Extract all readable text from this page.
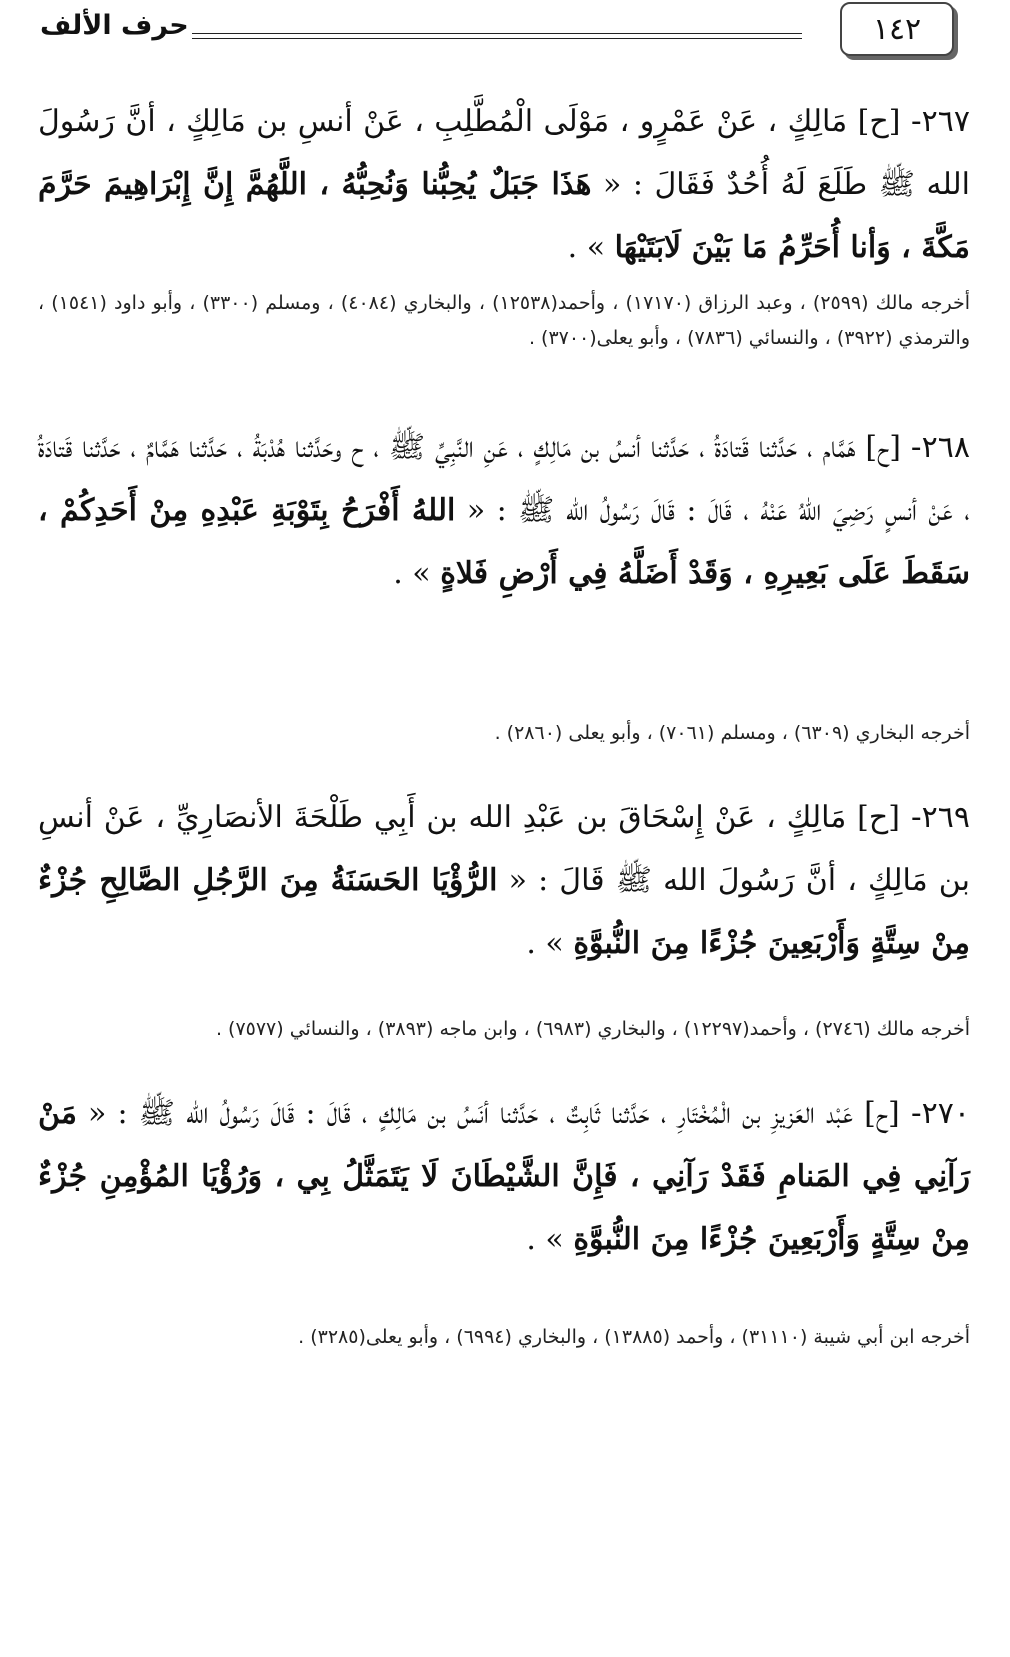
١٤٢
حرف الألف

٢٦٧- [ح] مَالِكٍ ، عَنْ عَمْرٍو ، مَوْلَى الْمُطَّلِبِ ، عَنْ أنسِ بن مَالِكٍ ، أنَّ رَسُولَ الله ﷺ طَلَعَ لَهُ أُحُدٌ فَقَالَ : « هَذَا جَبَلٌ يُحِبُّنا وَنُحِبُّهُ ، اللَّهُمَّ إِنَّ إِبْرَاهِيمَ حَرَّمَ مَكَّةَ ، وَأنا أُحَرِّمُ مَا بَيْنَ لَابَتَيْهَا » .

أخرجه مالك (٢٥٩٩) ، وعبد الرزاق (١٧١٧٠) ، وأحمد(١٢٥٣٨) ، والبخاري (٤٠٨٤) ، ومسلم (٣٣٠٠) ، وأبو داود (١٥٤١) ، والترمذي (٣٩٢٢) ، والنسائي (٧٨٣٦) ، وأبو يعلى(٣٧٠٠) .

٢٦٨- [ح] هَمَّام ، حَدَّثنا قَتادَةُ ، حَدَّثنا أنسُ بن مَالِكٍ ، عَنِ النَّبِيِّ ﷺ ، ح وحَدَّثنا هُدْبَةُ ، حَدَّثنا هَمَّامٌ ، حَدَّثنا قَتادَةُ ، عَنْ أنسٍ رَضِيَ اللهُ عَنْهُ ، قَالَ : قَالَ رَسُولُ الله ﷺ : « اللهُ أَفْرَحُ بِتَوْبَةِ عَبْدِهِ مِنْ أَحَدِكُمْ ، سَقَطَ عَلَى بَعِيرِهِ ، وَقَدْ أَضَلَّهُ فِي أَرْضِ فَلاةٍ » .

أخرجه البخاري (٦٣٠٩) ، ومسلم (٧٠٦١) ، وأبو يعلى (٢٨٦٠) .

٢٦٩- [ح] مَالِكٍ ، عَنْ إِسْحَاقَ بن عَبْدِ الله بن أَبِي طَلْحَةَ الأنصَارِيِّ ، عَنْ أنسِ بن مَالِكٍ ، أنَّ رَسُولَ الله ﷺ قَالَ : « الرُّؤْيَا الحَسَنَةُ مِنَ الرَّجُلِ الصَّالِحِ جُزْءٌ مِنْ سِتَّةٍ وَأَرْبَعِينَ جُزْءًا مِنَ النُّبوَّةِ » .

أخرجه مالك (٢٧٤٦) ، وأحمد(١٢٢٩٧) ، والبخاري (٦٩٨٣) ، وابن ماجه (٣٨٩٣) ، والنسائي (٧٥٧٧) .

٢٧٠- [ح] عَبْد العَزيزِ بن الْمُخْتَارِ ، حَدَّثنا ثَابِتٌ ، حَدَّثنا أنَسُ بن مَالِكٍ ، قَالَ : قَالَ رَسُولُ الله ﷺ : « مَنْ رَآنِي فِي المَنامِ فَقَدْ رَآنِي ، فَإِنَّ الشَّيْطَانَ لَا يَتَمَثَّلُ بِي ، وَرُؤْيَا المُؤْمِنِ جُزْءٌ مِنْ سِتَّةٍ وَأَرْبَعِينَ جُزْءًا مِنَ النُّبوَّةِ » .

أخرجه ابن أبي شيبة (٣١١١٠) ، وأحمد (١٣٨٨٥) ، والبخاري (٦٩٩٤) ، وأبو يعلى(٣٢٨٥) .
